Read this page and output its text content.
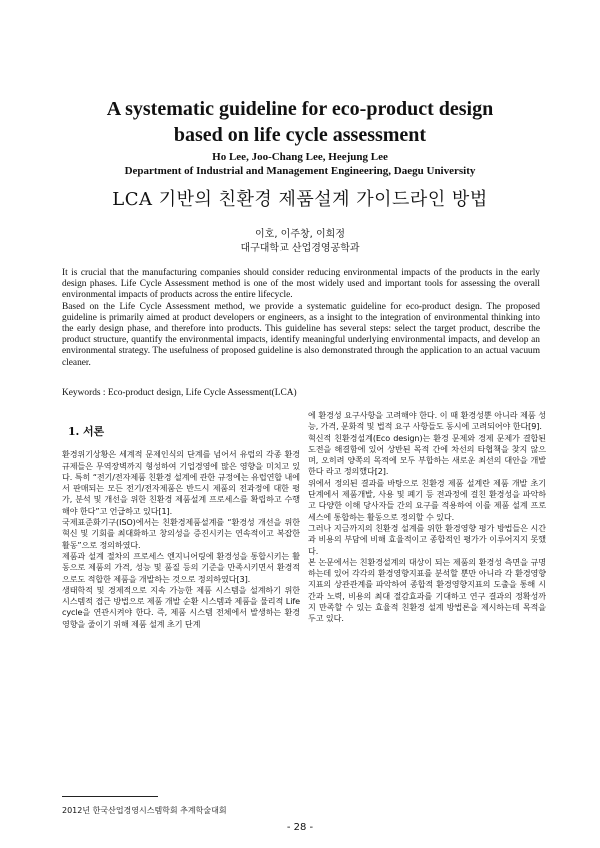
A systematic guideline for eco-product design
based on life cycle assessment
Ho Lee, Joo-Chang Lee, Heejung Lee
Department of Industrial and Management Engineering, Daegu University
LCA 기반의 친환경 제품설계 가이드라인 방법
이호, 이주창, 이희정
대구대학교 산업경영공학과

It is crucial that the manufacturing companies should consider reducing environmental impacts of the products in the early design phases. Life Cycle Assessment method is one of the most widely used and important tools for assessing the overall environmental impacts of products across the entire lifecycle.

Based on the Life Cycle Assessment method, we provide a systematic guideline for eco-product design. The proposed guideline is primarily aimed at product developers or engineers, as a insight to the integration of environmental thinking into the early design phase, and therefore into products. This guideline has several steps: select the target product, describe the product structure, quantify the environmental impacts, identify meaningful underlying environmental impacts, and develop an environmental strategy. The usefulness of proposed guideline is also demonstrated through the application to an actual vacuum cleaner.

Keywords : Eco-product design, Life Cycle Assessment(LCA)
1. 서론

환경위기상황은 세계적 문제인식의 단계를 넘어서 유럽의 각종 환경규제들은 무역장벽까지 형성하여 기업경영에 많은 영향을 미치고 있다. 특히 “전기/전자제품 친환경 설계에 관한 규정에는 유럽연합 내에서 판매되는 모든 전기/전자제품은 반드시 제품의 전과정에 대한 평가, 분석 및 개선을 위한 친환경 제품설계 프로세스를 확립하고 수행해야 한다”고 언급하고 있다[1].

국제표준화기구(ISO)에서는 친환경제품설계를 “환경성 개선을 위한 혁신 및 기회를 최대화하고 창의성을 증진시키는 연속적이고 복잡한 활동”으로 정의하였다.

제품과 설계 절차의 프로세스 엔지니어링에 환경성을 통합시키는 활동으로 제품의 가격, 성능 및 품질 등의 기준을 만족시키면서 환경적으로도 적합한 제품을 개발하는 것으로 정의하였다[3].

생태학적 및 경제적으로 지속 가능한 제품 시스템을 설계하기 위한 시스템적 접근 방법으로 제품 개발 순환 시스템과 제품을 물리적 Life cycle을 연관시켜야 한다. 즉, 제품 시스템 전체에서 발생하는 환경영향을 줄이기 위해 제품 설계 초기 단계

에 환경성 요구사항을 고려해야 한다. 이 때 환경성뿐 아니라 제품 성능, 가격, 문화적 및 법적 요구 사항들도 동시에 고려되어야 한다[9].

혁신적 친환경설계(Eco design)는 환경 문제와 경제 문제가 결합된 도전을 해결함에 있어 상반된 목적 간에 차선의 타협책을 찾지 않으며, 오히려 양쪽의 목적에 모두 부합하는 새로운 최선의 대안을 개발한다 라고 정의했다[2].

위에서 정의된 결과를 바탕으로 친환경 제품 설계란 제품 개발 초기 단계에서 제품개발, 사용 및 폐기 등 전과정에 걸친 환경성을 파악하고 다양한 이해 당사자들 간의 요구를 적용하여 이를 제품 설계 프로세스에 통합하는 활동으로 정의할 수 있다.

그러나 지금까지의 친환경 설계를 위한 환경영향 평가 방법들은 시간과 비용의 부담에 비해 효율적이고 종합적인 평가가 이루어지지 못했다.

본 논문에서는 친환경설계의 대상이 되는 제품의 환경성 측면을 규명하는데 있어 각각의 환경영향지표를 분석할 뿐만 아니라 각 환경영향지표의 상관관계를 파악하여 종합적 환경영향지표의 도출을 통해 시간과 노력, 비용의 최대 절감효과를 기대하고 연구 결과의 정확성까지 만족할 수 있는 효율적 친환경 설계 방법론을 제시하는데 목적을 두고 있다.

2012년 한국산업경영시스템학회 추계학술대회
- 28 -
